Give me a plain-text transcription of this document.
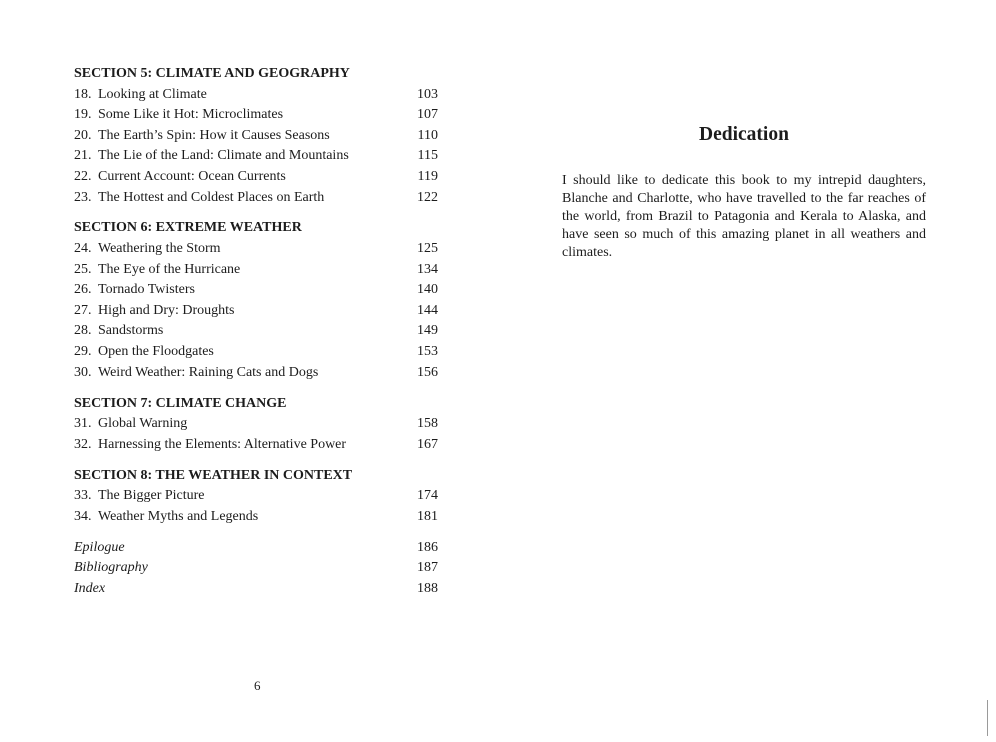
SECTION 5: CLIMATE AND GEOGRAPHY
18. Looking at Climate	103
19. Some Like it Hot: Microclimates	107
20. The Earth’s Spin: How it Causes Seasons	110
21. The Lie of the Land: Climate and Mountains	115
22. Current Account: Ocean Currents	119
23. The Hottest and Coldest Places on Earth	122
SECTION 6: EXTREME WEATHER
24. Weathering the Storm	125
25. The Eye of the Hurricane	134
26. Tornado Twisters	140
27. High and Dry: Droughts	144
28. Sandstorms	149
29. Open the Floodgates	153
30. Weird Weather: Raining Cats and Dogs	156
SECTION 7: CLIMATE CHANGE
31. Global Warning	158
32. Harnessing the Elements: Alternative Power	167
SECTION 8: THE WEATHER IN CONTEXT
33. The Bigger Picture	174
34. Weather Myths and Legends	181
Epilogue	186
Bibliography	187
Index	188
6
Dedication

I should like to dedicate this book to my intrepid daughters, Blanche and Charlotte, who have travelled to the far reaches of the world, from Brazil to Patagonia and Kerala to Alaska, and have seen so much of this amazing planet in all weathers and climates.
